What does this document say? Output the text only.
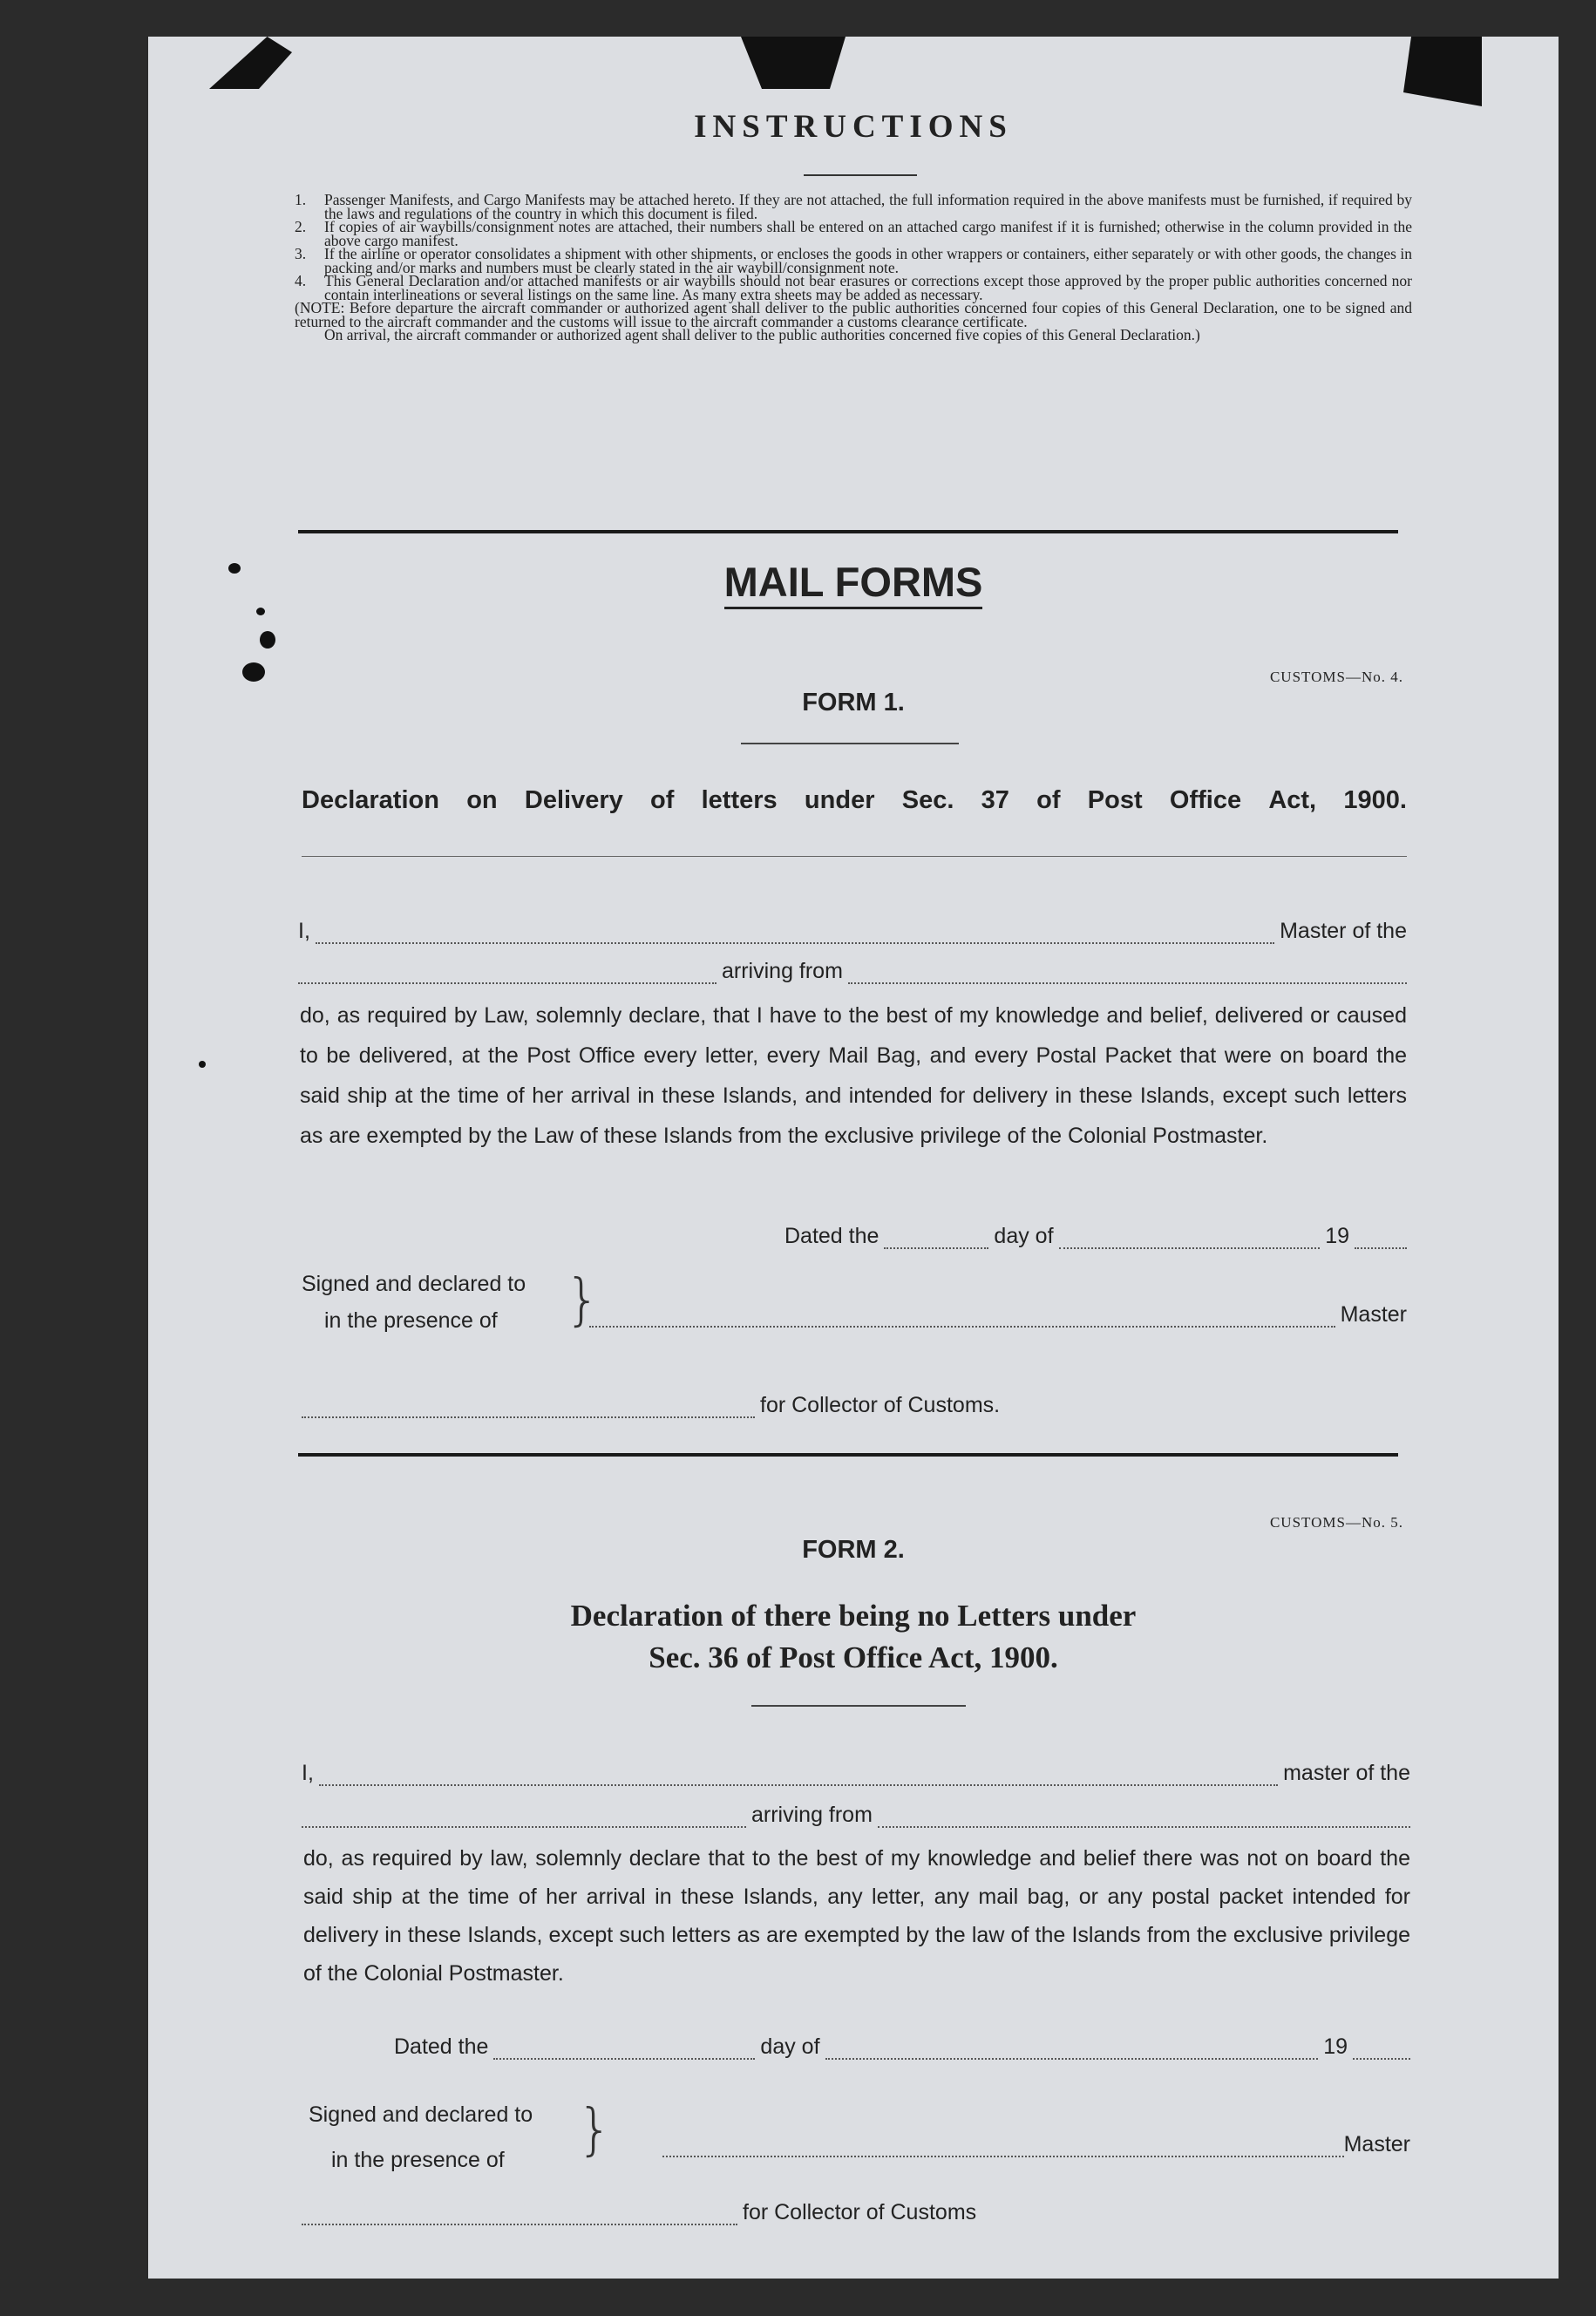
INSTRUCTIONS
1. Passenger Manifests, and Cargo Manifests may be attached hereto. If they are not attached, the full information required in the above manifests must be furnished, if required by the laws and regulations of the country in which this document is filed.
2. If copies of air waybills/consignment notes are attached, their numbers shall be entered on an attached cargo manifest if it is furnished; otherwise in the column provided in the above cargo manifest.
3. If the airline or operator consolidates a shipment with other shipments, or encloses the goods in other wrappers or containers, either separately or with other goods, the changes in packing and/or marks and numbers must be clearly stated in the air waybill/consignment note.
4. This General Declaration and/or attached manifests or air waybills should not bear erasures or corrections except those approved by the proper public authorities concerned nor contain interlineations or several listings on the same line. As many extra sheets may be added as necessary.
(NOTE: Before departure the aircraft commander or authorized agent shall deliver to the public authorities concerned four copies of this General Declaration, one to be signed and returned to the aircraft commander and the customs will issue to the aircraft commander a customs clearance certificate.
On arrival, the aircraft commander or authorized agent shall deliver to the public authorities concerned five copies of this General Declaration.)
MAIL FORMS
CUSTOMS—No. 4.
FORM 1.
Declaration on Delivery of letters under Sec. 37 of Post Office Act, 1900.
I,	Master of the
arriving from
do, as required by Law, solemnly declare, that I have to the best of my knowledge and belief, delivered or caused to be delivered, at the Post Office every letter, every Mail Bag, and every Postal Packet that were on board the said ship at the time of her arrival in these Islands, and intended for delivery in these Islands, except such letters as are exempted by the Law of these Islands from the exclusive privilege of the Colonial Postmaster.
Dated the	day of	19
Signed and declared to
in the presence of	}	Master
for Collector of Customs.
CUSTOMS—No. 5.
FORM 2.
Declaration of there being no Letters under
Sec. 36 of Post Office Act, 1900.
I,	master of the
arriving from
do, as required by law, solemnly declare that to the best of my knowledge and belief there was not on board the said ship at the time of her arrival in these Islands, any letter, any mail bag, or any postal packet intended for delivery in these Islands, except such letters as are exempted by the law of the Islands from the exclusive privilege of the Colonial Postmaster.
Dated the	day of	19
Signed and declared to
in the presence of	}	Master
for Collector of Customs
